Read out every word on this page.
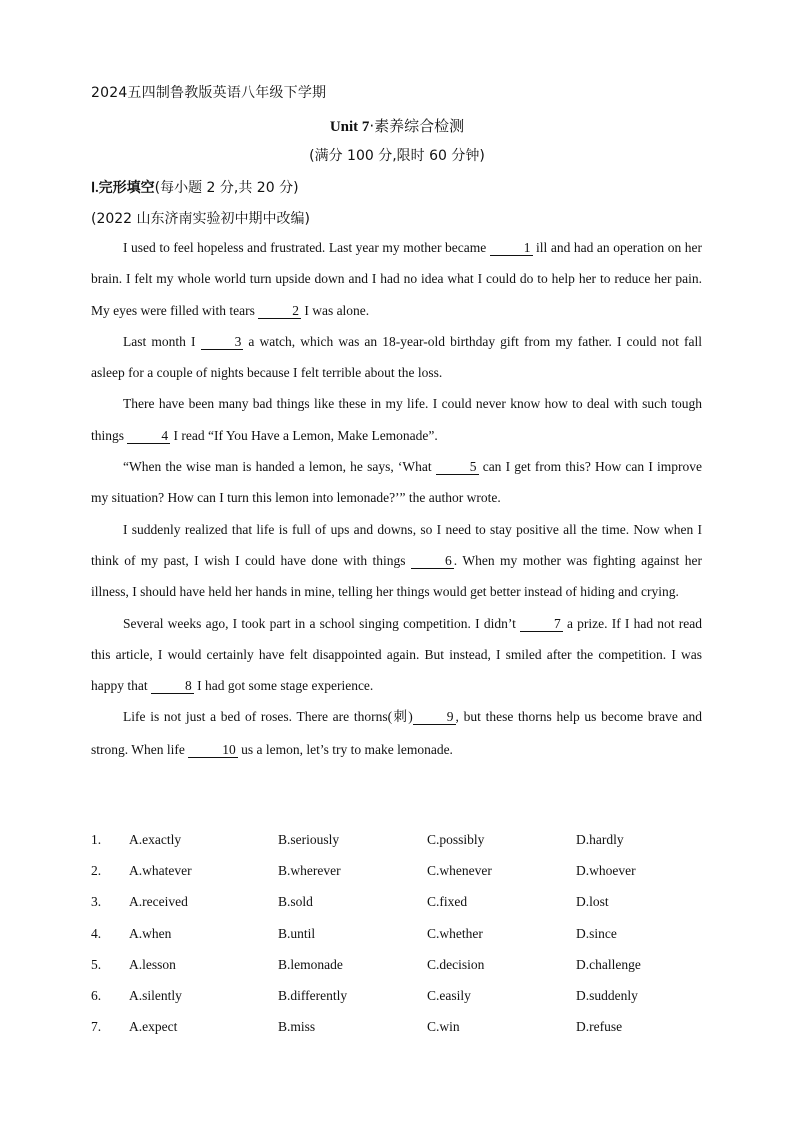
2024五四制鲁教版英语八年级下学期
Unit 7·素养综合检测
(满分 100 分,限时 60 分钟)
Ⅰ.完形填空(每小题 2 分,共 20 分)
(2022 山东济南实验初中期中改编)

I used to feel hopeless and frustrated. Last year my mother became	1 ill and had an operation on her brain. I felt my whole world turn upside down and I had no idea what I could do to help her to reduce her pain. My eyes were filled with tears	2 I was alone.

Last month I	3 a watch, which was an 18-year-old birthday gift from my father. I could not fall asleep for a couple of nights because I felt terrible about the loss.

There have been many bad things like these in my life. I could never know how to deal with such tough things	4 I read “If You Have a Lemon, Make Lemonade”.

“When the wise man is handed a lemon, he says, ‘What	5 can I get from this? How can I improve my situation? How can I turn this lemon into lemonade?’” the author wrote.

I suddenly realized that life is full of ups and downs, so I need to stay positive all the time. Now when I think of my past, I wish I could have done with things	6 . When my mother was fighting against her illness, I should have held her hands in mine, telling her things would get better instead of hiding and crying.

Several weeks ago, I took part in a school singing competition. I didn’t	7 a prize. If I had not read this article, I would certainly have felt disappointed again. But instead, I smiled after the competition. I was happy that	8 I had got some stage experience.

Life is not just a bed of roses. There are thorns(刺)	9 , but these thorns help us become brave and strong. When life	10 us a lemon, let’s try to make lemonade.

1. A.exactly	B.seriously	C.possibly	D.hardly
2. A.whatever	B.wherever	C.whenever	D.whoever
3. A.received	B.sold	C.fixed	D.lost
4. A.when	B.until	C.whether	D.since
5. A.lesson	B.lemonade	C.decision	D.challenge
6. A.silently	B.differently	C.easily	D.suddenly
7. A.expect	B.miss	C.win	D.refuse
